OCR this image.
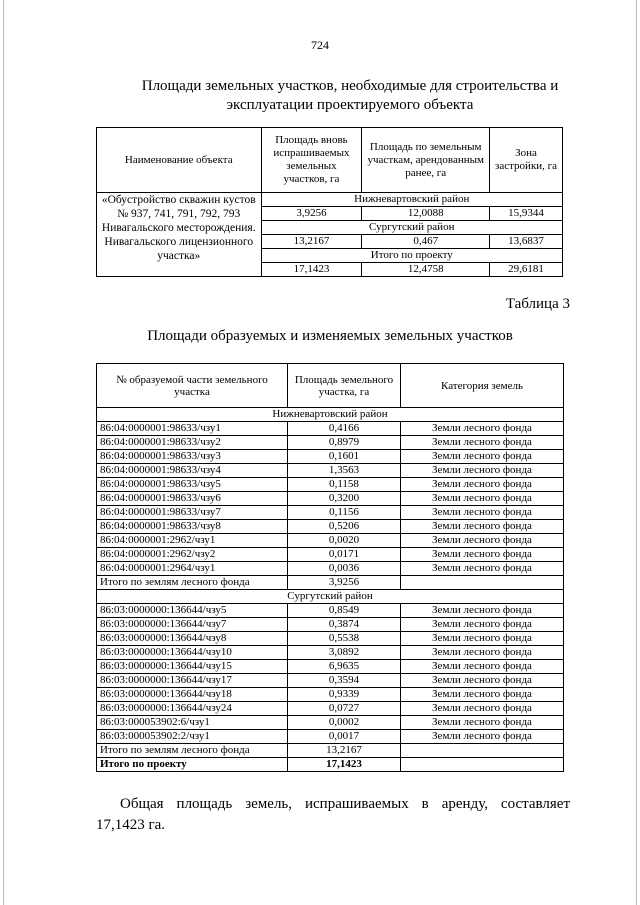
724
Площади земельных участков, необходимые для строительства и
эксплуатации проектируемого объекта
Наименование объекта	Площадь вновь испрашиваемых земельных участков, га	Площадь по земельным участкам, арендованным ранее, га	Зона застройки, га
«Обустройство скважин кустов № 937, 741, 791, 792, 793 Нивагальского месторождения. Нивагальского лицензионного участка»	Нижневартовский район		
	3,9256	12,0088	15,9344
	Сургутский район		
	13,2167	0,467	13,6837
	Итого по проекту		
	17,1423	12,4758	29,6181
Таблица 3
Площади образуемых и изменяемых земельных участков
№ образуемой части земельного участка	Площадь земельного участка, га	Категория земель
Нижневартовский район		
86:04:0000001:98633/чзу1	0,4166	Земли лесного фонда
86:04:0000001:98633/чзу2	0,8979	Земли лесного фонда
86:04:0000001:98633/чзу3	0,1601	Земли лесного фонда
86:04:0000001:98633/чзу4	1,3563	Земли лесного фонда
86:04:0000001:98633/чзу5	0,1158	Земли лесного фонда
86:04:0000001:98633/чзу6	0,3200	Земли лесного фонда
86:04:0000001:98633/чзу7	0,1156	Земли лесного фонда
86:04:0000001:98633/чзу8	0,5206	Земли лесного фонда
86:04:0000001:2962/чзу1	0,0020	Земли лесного фонда
86:04:0000001:2962/чзу2	0,0171	Земли лесного фонда
86:04:0000001:2964/чзу1	0,0036	Земли лесного фонда
Итого по землям лесного фонда	3,9256	
Сургутский район		
86:03:0000000:136644/чзу5	0,8549	Земли лесного фонда
86:03:0000000:136644/чзу7	0,3874	Земли лесного фонда
86:03:0000000:136644/чзу8	0,5538	Земли лесного фонда
86:03:0000000:136644/чзу10	3,0892	Земли лесного фонда
86:03:0000000:136644/чзу15	6,9635	Земли лесного фонда
86:03:0000000:136644/чзу17	0,3594	Земли лесного фонда
86:03:0000000:136644/чзу18	0,9339	Земли лесного фонда
86:03:0000000:136644/чзу24	0,0727	Земли лесного фонда
86:03:000053902:6/чзу1	0,0002	Земли лесного фонда
86:03:000053902:2/чзу1	0,0017	Земли лесного фонда
Итого по землям лесного фонда	13,2167	
Итого по проекту	17,1423	
Общая площадь земель, испрашиваемых в аренду, составляет
17,1423 га.
